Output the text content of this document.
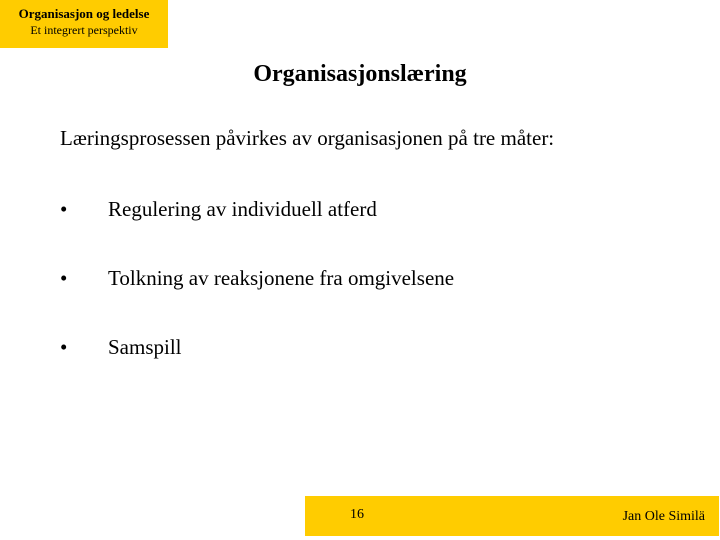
Organisasjon og ledelse
Et integrert perspektiv
Organisasjonslæring
Læringsprosessen påvirkes av organisasjonen på tre måter:
• Regulering av individuell atferd
• Tolkning av reaksjonene fra omgivelsene
• Samspill
16	Jan Ole Similä
